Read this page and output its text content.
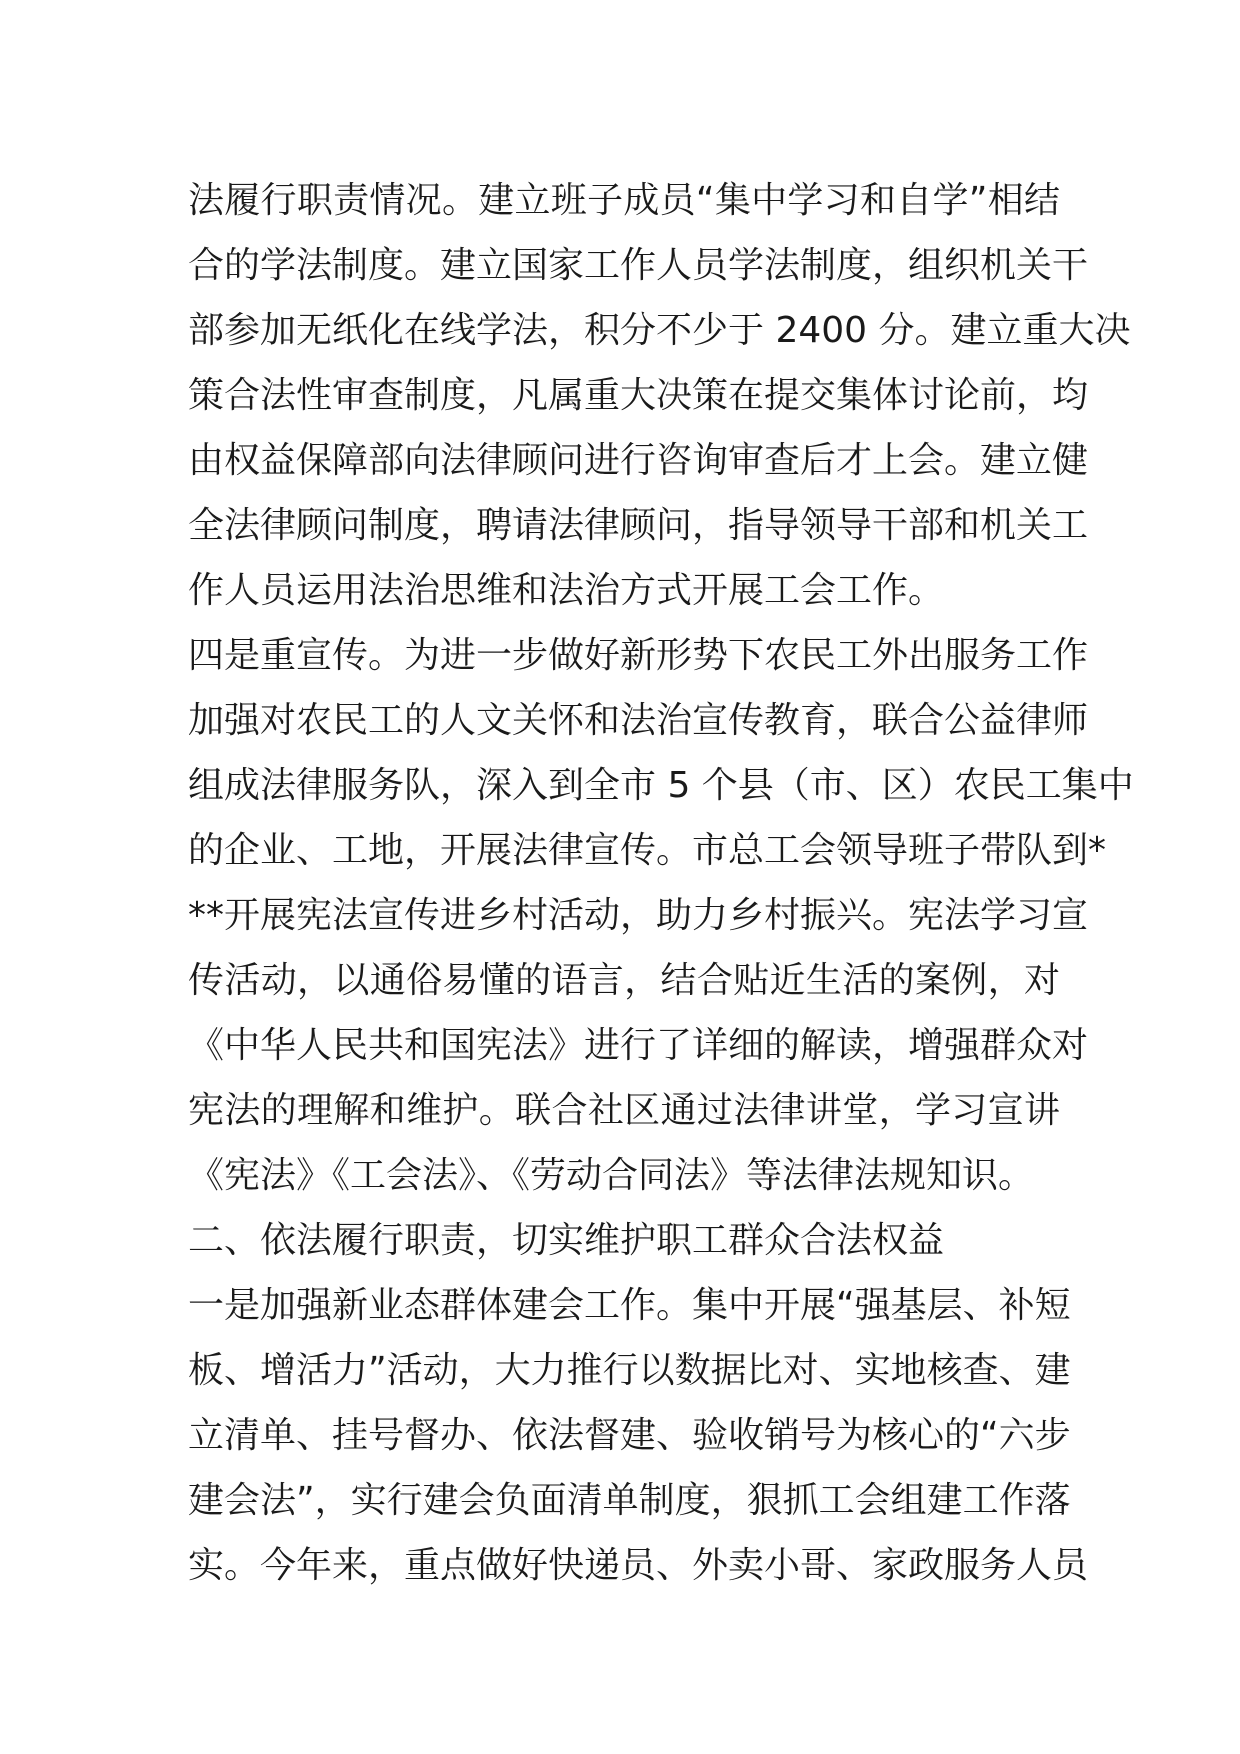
法履行职责情况。建立班子成员“集中学习和自学”相结
合的学法制度。建立国家工作人员学法制度，组织机关干
部参加无纸化在线学法，积分不少于 2400 分。建立重大决
策合法性审查制度，凡属重大决策在提交集体讨论前，均
由权益保障部向法律顾问进行咨询审查后才上会。建立健
全法律顾问制度，聘请法律顾问，指导领导干部和机关工
作人员运用法治思维和法治方式开展工会工作。
四是重宣传。为进一步做好新形势下农民工外出服务工作
加强对农民工的人文关怀和法治宣传教育，联合公益律师
组成法律服务队，深入到全市 5 个县（市、区）农民工集中
的企业、工地，开展法律宣传。市总工会领导班子带队到*
**开展宪法宣传进乡村活动，助力乡村振兴。宪法学习宣
传活动，以通俗易懂的语言，结合贴近生活的案例，对
《中华人民共和国宪法》进行了详细的解读，增强群众对
宪法的理解和维护。联合社区通过法律讲堂，学习宣讲
《宪法》《工会法》、《劳动合同法》等法律法规知识。
二、依法履行职责，切实维护职工群众合法权益
一是加强新业态群体建会工作。集中开展“强基层、补短
板、增活力”活动，大力推行以数据比对、实地核查、建
立清单、挂号督办、依法督建、验收销号为核心的“六步
建会法”，实行建会负面清单制度，狠抓工会组建工作落
实。今年来，重点做好快递员、外卖小哥、家政服务人员
